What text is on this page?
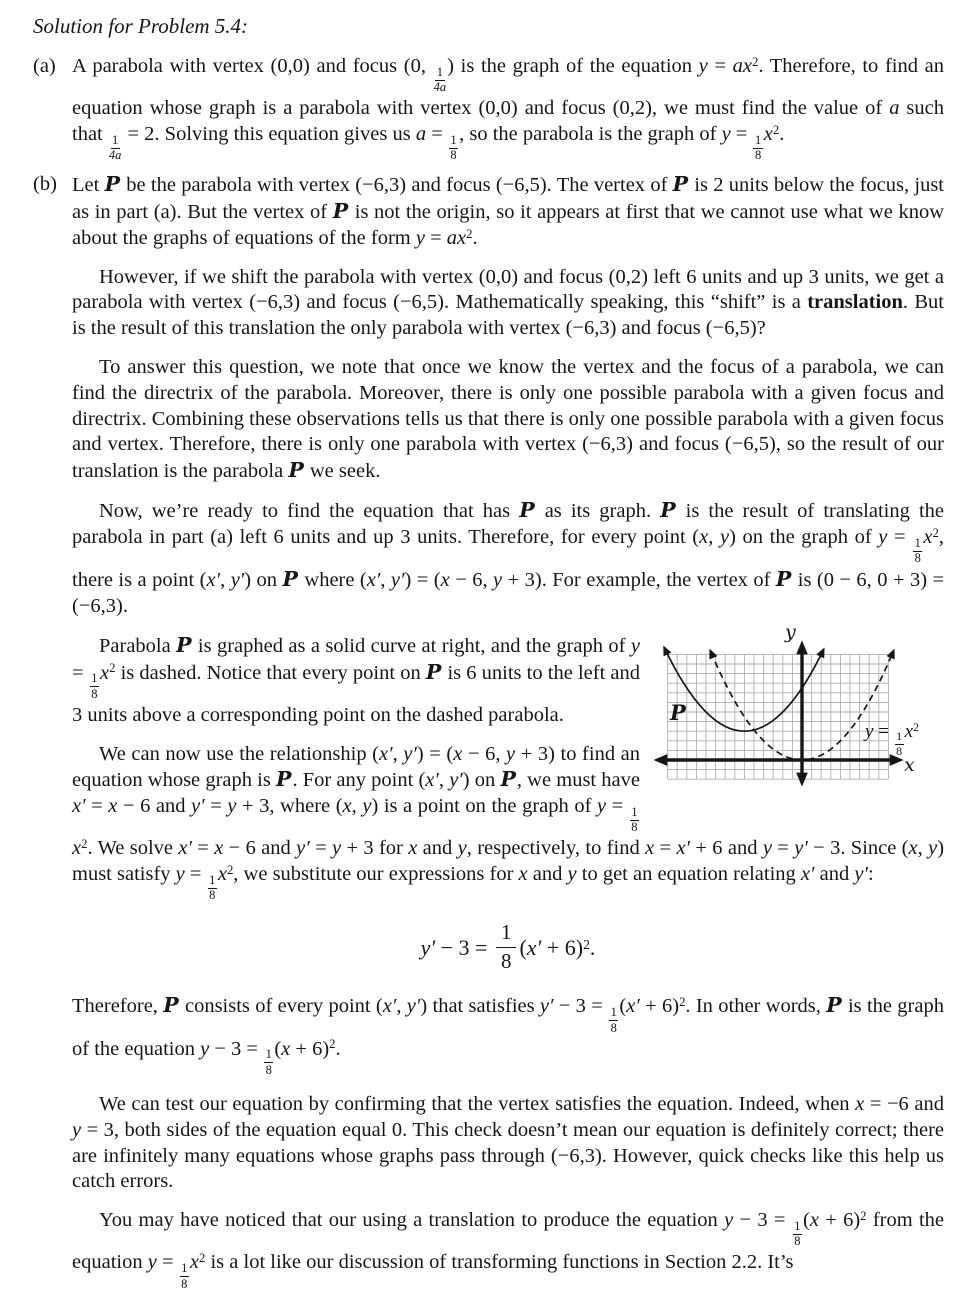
Solution for Problem 5.4:
(a) A parabola with vertex (0,0) and focus (0, $\frac{1}{4a}$ ) is the graph of the equation $y = ax^2$. Therefore, to find an equation whose graph is a parabola with vertex (0,0) and focus (0,2), we must find the value of a such that $\frac{1}{4a} = 2$. Solving this equation gives us $a = \frac{1}{8}$ , so the parabola is the graph of $y = \frac{1}{8} x^2$.

(b) Let P be the parabola with vertex (−6,3) and focus (−6,5). The vertex of P is 2 units below the focus, just as in part (a). But the vertex of P is not the origin, so it appears at first that we cannot use what we know about the graphs of equations of the form $y = ax^2$.

However, if we shift the parabola with vertex (0,0) and focus (0,2) left 6 units and up 3 units, we get a parabola with vertex (−6,3) and focus (−6,5). Mathematically speaking, this “shift” is a translation. But is the result of this translation the only parabola with vertex (−6,3) and focus (−6,5)?

To answer this question, we note that once we know the vertex and the focus of a parabola, we can find the directrix of the parabola. Moreover, there is only one possible parabola with a given focus and directrix. Combining these observations tells us that there is only one possible parabola with a given focus and vertex. Therefore, there is only one parabola with vertex (−6,3) and focus (−6,5), so the result of our translation is the parabola P we seek.

Now, we’re ready to find the equation that has P as its graph. P is the result of translating the parabola in part (a) left 6 units and up 3 units. Therefore, for every point (x, y) on the graph of $y = \frac{1}{8} x^2$, there is a point (x′, y′) on P where (x′, y′) = (x − 6, y + 3). For example, the vertex of P is (0 − 6, 0 + 3) = (−6,3).

y
x
P
$y = \frac{1}{8} x^2$

Parabola P is graphed as a solid curve at right, and the graph of $y = \frac{1}{8} x^2$ is dashed. Notice that every point on P is 6 units to the left and 3 units above a corresponding point on the dashed parabola.

We can now use the relationship (x′, y′) = (x − 6, y + 3) to find an equation whose graph is P. For any point (x′, y′) on P, we must have x′ = x − 6 and y′ = y + 3, where (x, y) is a point on the graph of $y = \frac{1}{8}$
$x^2$. We solve x′ = x − 6 and y′ = y + 3 for x and y, respectively, to find x = x′ + 6 and y = y′ − 3. Since (x, y) must satisfy $y = \frac{1}{8} x^2$, we substitute our expressions for x and y to get an equation relating x′ and y′:

$y' - 3 = \frac{1}{8} (x' + 6)^2$.

Therefore, P consists of every point (x′, y′) that satisfies $y' - 3 = \frac{1}{8} (x' + 6)^2$. In other words, P is the graph of the equation $y - 3 = \frac{1}{8} (x + 6)^2$.

We can test our equation by confirming that the vertex satisfies the equation. Indeed, when x = −6 and y = 3, both sides of the equation equal 0. This check doesn’t mean our equation is definitely correct; there are infinitely many equations whose graphs pass through (−6,3). However, quick checks like this help us catch errors.

You may have noticed that our using a translation to produce the equation $y - 3 = \frac{1}{8} (x + 6)^2$ from the equation $y = \frac{1}{8} x^2$ is a lot like our discussion of transforming functions in Section 2.2. It’s
